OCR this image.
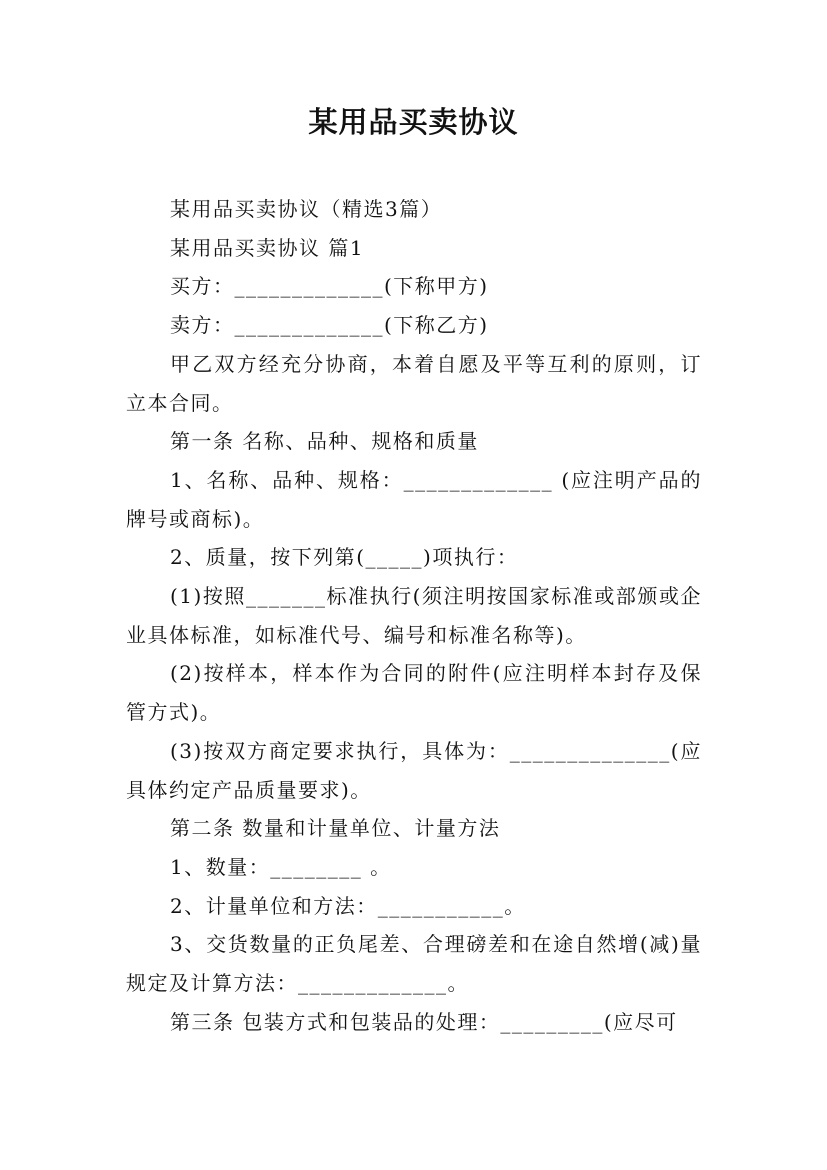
某用品买卖协议

某用品买卖协议（精选3篇）

某用品买卖协议 篇1

买方：_____________(下称甲方)

卖方：_____________(下称乙方)

甲乙双方经充分协商，本着自愿及平等互利的原则，订立本合同。

第一条 名称、品种、规格和质量

1、名称、品种、规格：_____________ (应注明产品的牌号或商标)。

2、质量，按下列第(_____)项执行：

(1)按照_______标准执行(须注明按国家标准或部颁或企业具体标准，如标准代号、编号和标准名称等)。

(2)按样本，样本作为合同的附件(应注明样本封存及保管方式)。

(3)按双方商定要求执行，具体为：______________(应具体约定产品质量要求)。

第二条 数量和计量单位、计量方法

1、数量：________ 。

2、计量单位和方法：___________。

3、交货数量的正负尾差、合理磅差和在途自然增(减)量规定及计算方法：_____________。

第三条 包装方式和包装品的处理：_________(应尽可
